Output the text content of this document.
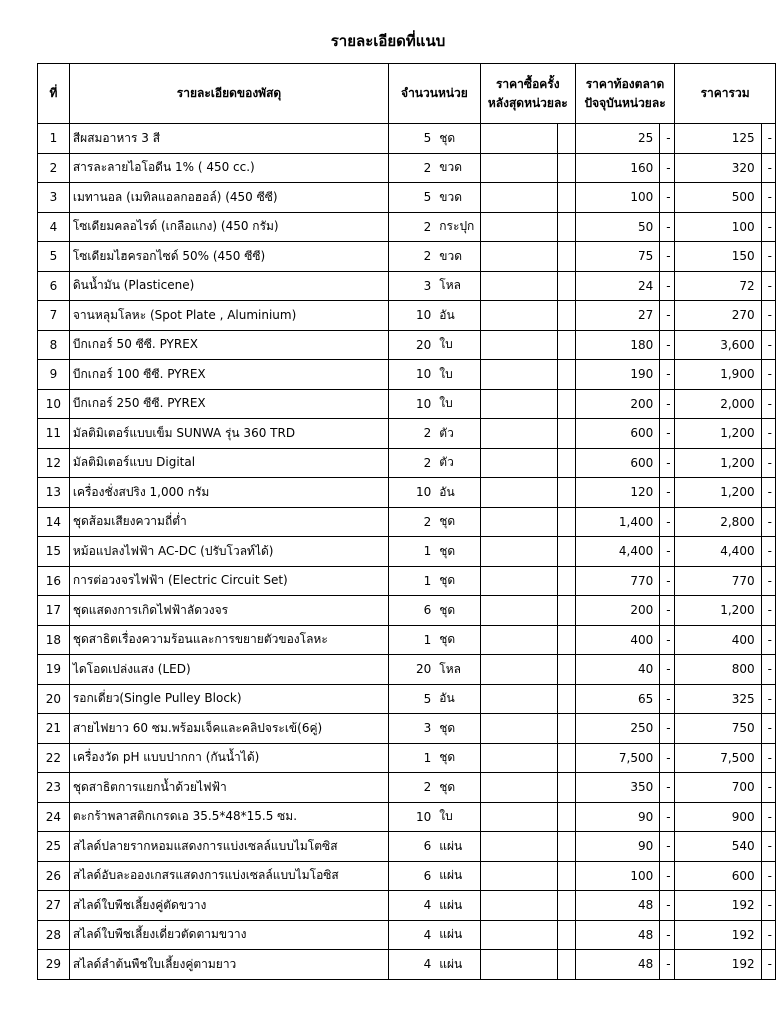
รายละเอียดที่แนบ
ที่	รายละเอียดของพัสดุ	จำนวนหน่วย		ราคาซื้อครั้ง
หลังสุดหน่วยละ		ราคาท้องตลาด
ปัจจุบันหน่วยละ		ราคารวม	
1	สีผสมอาหาร 3 สี	5	ชุด			25	-	125	-
2	สารละลายไอโอดีน 1% ( 450 cc.)	2	ขวด			160	-	320	-
3	เมทานอล (เมทิลแอลกอฮอล์) (450 ซีซี)	5	ขวด			100	-	500	-
4	โซเดียมคลอไรด์ (เกลือแกง) (450 กรัม)	2	กระปุก			50	-	100	-
5	โซเดียมไฮครอกไซด์ 50% (450 ซีซี)	2	ขวด			75	-	150	-
6	ดินน้ำมัน (Plasticene)	3	โหล			24	-	72	-
7	จานหลุมโลหะ (Spot Plate , Aluminium)	10	อัน			27	-	270	-
8	บีกเกอร์ 50 ซีซี. PYREX	20	ใบ			180	-	3,600	-
9	บีกเกอร์ 100 ซีซี. PYREX	10	ใบ			190	-	1,900	-
10	บีกเกอร์ 250 ซีซี. PYREX	10	ใบ			200	-	2,000	-
11	มัลติมิเตอร์แบบเข็ม SUNWA รุ่น 360 TRD	2	ตัว			600	-	1,200	-
12	มัลติมิเตอร์แบบ Digital	2	ตัว			600	-	1,200	-
13	เครื่องชั่งสปริง 1,000 กรัม	10	อัน			120	-	1,200	-
14	ชุดส้อมเสียงความถี่ต่ำ	2	ชุด			1,400	-	2,800	-
15	หม้อแปลงไฟฟ้า AC-DC (ปรับโวลท์ได้)	1	ชุด			4,400	-	4,400	-
16	การต่อวงจรไฟฟ้า (Electric Circuit Set)	1	ชุด			770	-	770	-
17	ชุดแสดงการเกิดไฟฟ้าลัดวงจร	6	ชุด			200	-	1,200	-
18	ชุดสาธิตเรื่องความร้อนและการขยายตัวของโลหะ	1	ชุด			400	-	400	-
19	ไดโอดเปล่งแสง (LED)	20	โหล			40	-	800	-
20	รอกเดี่ยว(Single Pulley Block)	5	อัน			65	-	325	-
21	สายไฟยาว 60 ซม.พร้อมเจ็คและคลิปจระเข้(6คู่)	3	ชุด			250	-	750	-
22	เครื่องวัด pH แบบปากกา (กันน้ำได้)	1	ชุด			7,500	-	7,500	-
23	ชุดสาธิตการแยกน้ำด้วยไฟฟ้า	2	ชุด			350	-	700	-
24	ตะกร้าพลาสติกเกรดเอ 35.5*48*15.5 ซม.	10	ใบ			90	-	900	-
25	สไลด์ปลายรากหอมแสดงการแบ่งเซลล์แบบไมโตซิส	6	แผ่น			90	-	540	-
26	สไลด์อับละอองเกสรแสดงการแบ่งเซลล์แบบไมโอซิส	6	แผ่น			100	-	600	-
27	สไลด์ใบพืชเลี้ยงคู่ตัดขวาง	4	แผ่น			48	-	192	-
28	สไลด์ใบพืชเลี้ยงเดี่ยวตัดตามขวาง	4	แผ่น			48	-	192	-
29	สไลด์ลำต้นพืชใบเลี้ยงคู่ตามยาว	4	แผ่น			48	-	192	-
